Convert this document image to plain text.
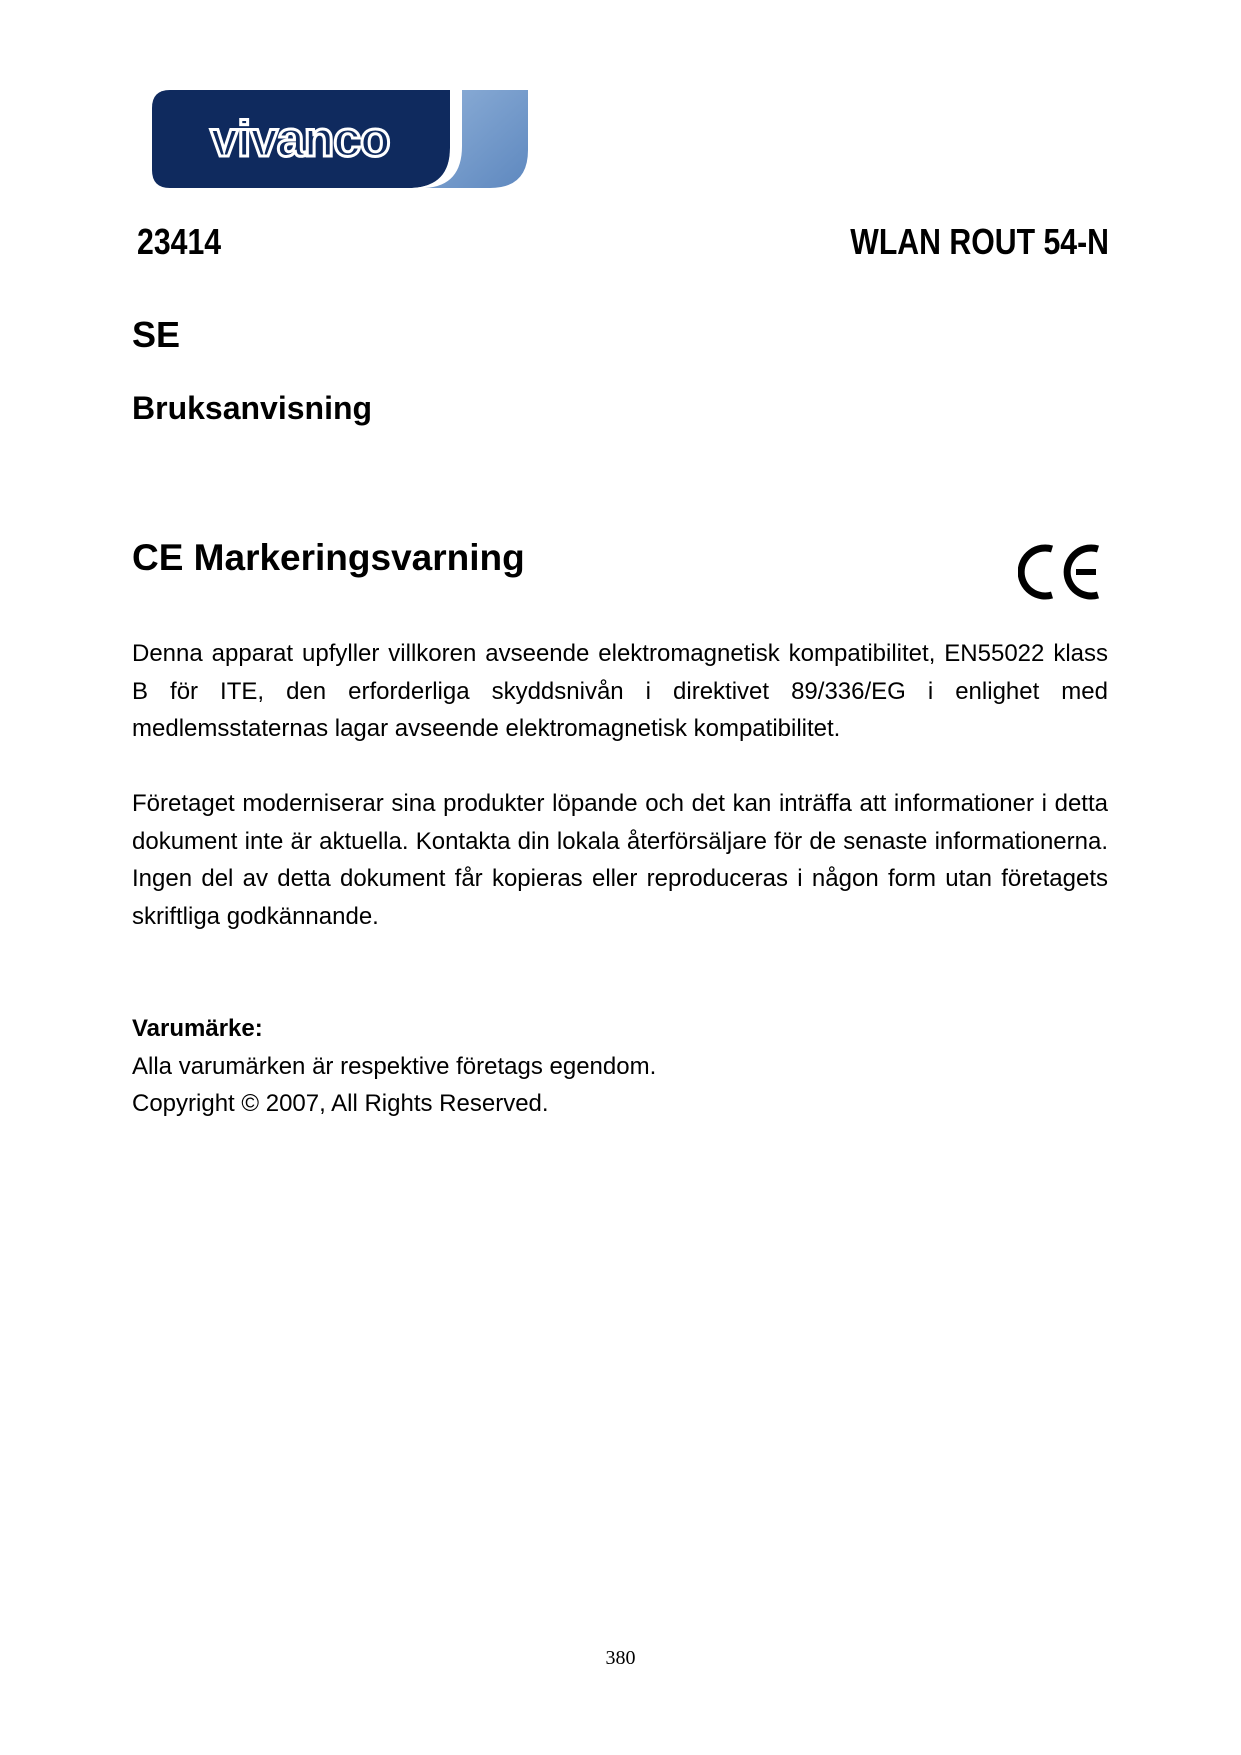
vivanco
23414	WLAN ROUT 54-N
SE
Bruksanvisning
CE Markeringsvarning
Denna apparat upfyller villkoren avseende elektromagnetisk kompatibilitet, EN55022 klass B för ITE, den erforderliga skyddsnivån i direktivet 89/336/EG i enlighet med medlemsstaternas lagar avseende elektromagnetisk kompatibilitet.
Företaget moderniserar sina produkter löpande och det kan inträffa att informationer i detta dokument inte är aktuella. Kontakta din lokala återförsäljare för de senaste informationerna. Ingen del av detta dokument får kopieras eller reproduceras i någon form utan företagets skriftliga godkännande.
Varumärke:
Alla varumärken är respektive företags egendom.
Copyright © 2007, All Rights Reserved.
380
